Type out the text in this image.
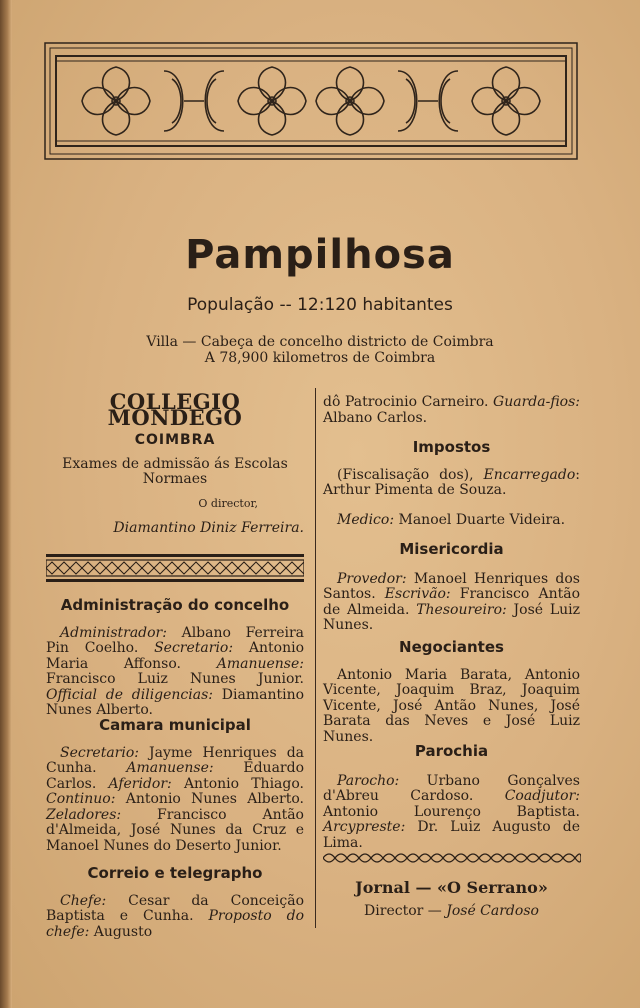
Pampilhosa
População -- 12:120 habitantes
Villa — Cabeça de concelho districto de Coimbra
A 78,900 kilometros de Coimbra
COLLEGIO MONDEGO
COIMBRA
Exames de admissão ás Escolas Normaes
O director,
Diamantino Diniz Ferreira.
Administração do concelho
Administrador: Albano Ferreira Pin Coelho. Secretario: Antonio Maria Affonso. Amanuense: Francisco Luiz Nunes Junior. Official de diligencias: Diamantino Nunes Alberto.
Camara municipal
Secretario: Jayme Henriques da Cunha. Amanuense: Eduardo Carlos. Aferidor: Antonio Thiago. Continuo: Antonio Nunes Alberto. Zeladores: Francisco Antão d'Almeida, José Nunes da Cruz e Manoel Nunes do Deserto Junior.
Correio e telegrapho
Chefe: Cesar da Conceição Baptista e Cunha. Proposto do chefe: Augusto
dô Patrocinio Carneiro. Guarda-fios: Albano Carlos.
Impostos
(Fiscalisação dos), Encarregado: Arthur Pimenta de Souza.
Medico: Manoel Duarte Videira.
Misericordia
Provedor: Manoel Henriques dos Santos. Escrivão: Francisco Antão de Almeida. Thesoureiro: José Luiz Nunes.
Negociantes
Antonio Maria Barata, Antonio Vicente, Joaquim Braz, Joaquim Vicente, José Antão Nunes, José Barata das Neves e José Luiz Nunes.
Parochia
Parocho: Urbano Gonçalves d'Abreu Cardoso. Coadjutor: Antonio Lourenço Baptista. Arcypreste: Dr. Luiz Augusto de Lima.
Jornal — «O Serrano»
Director — José Cardoso
